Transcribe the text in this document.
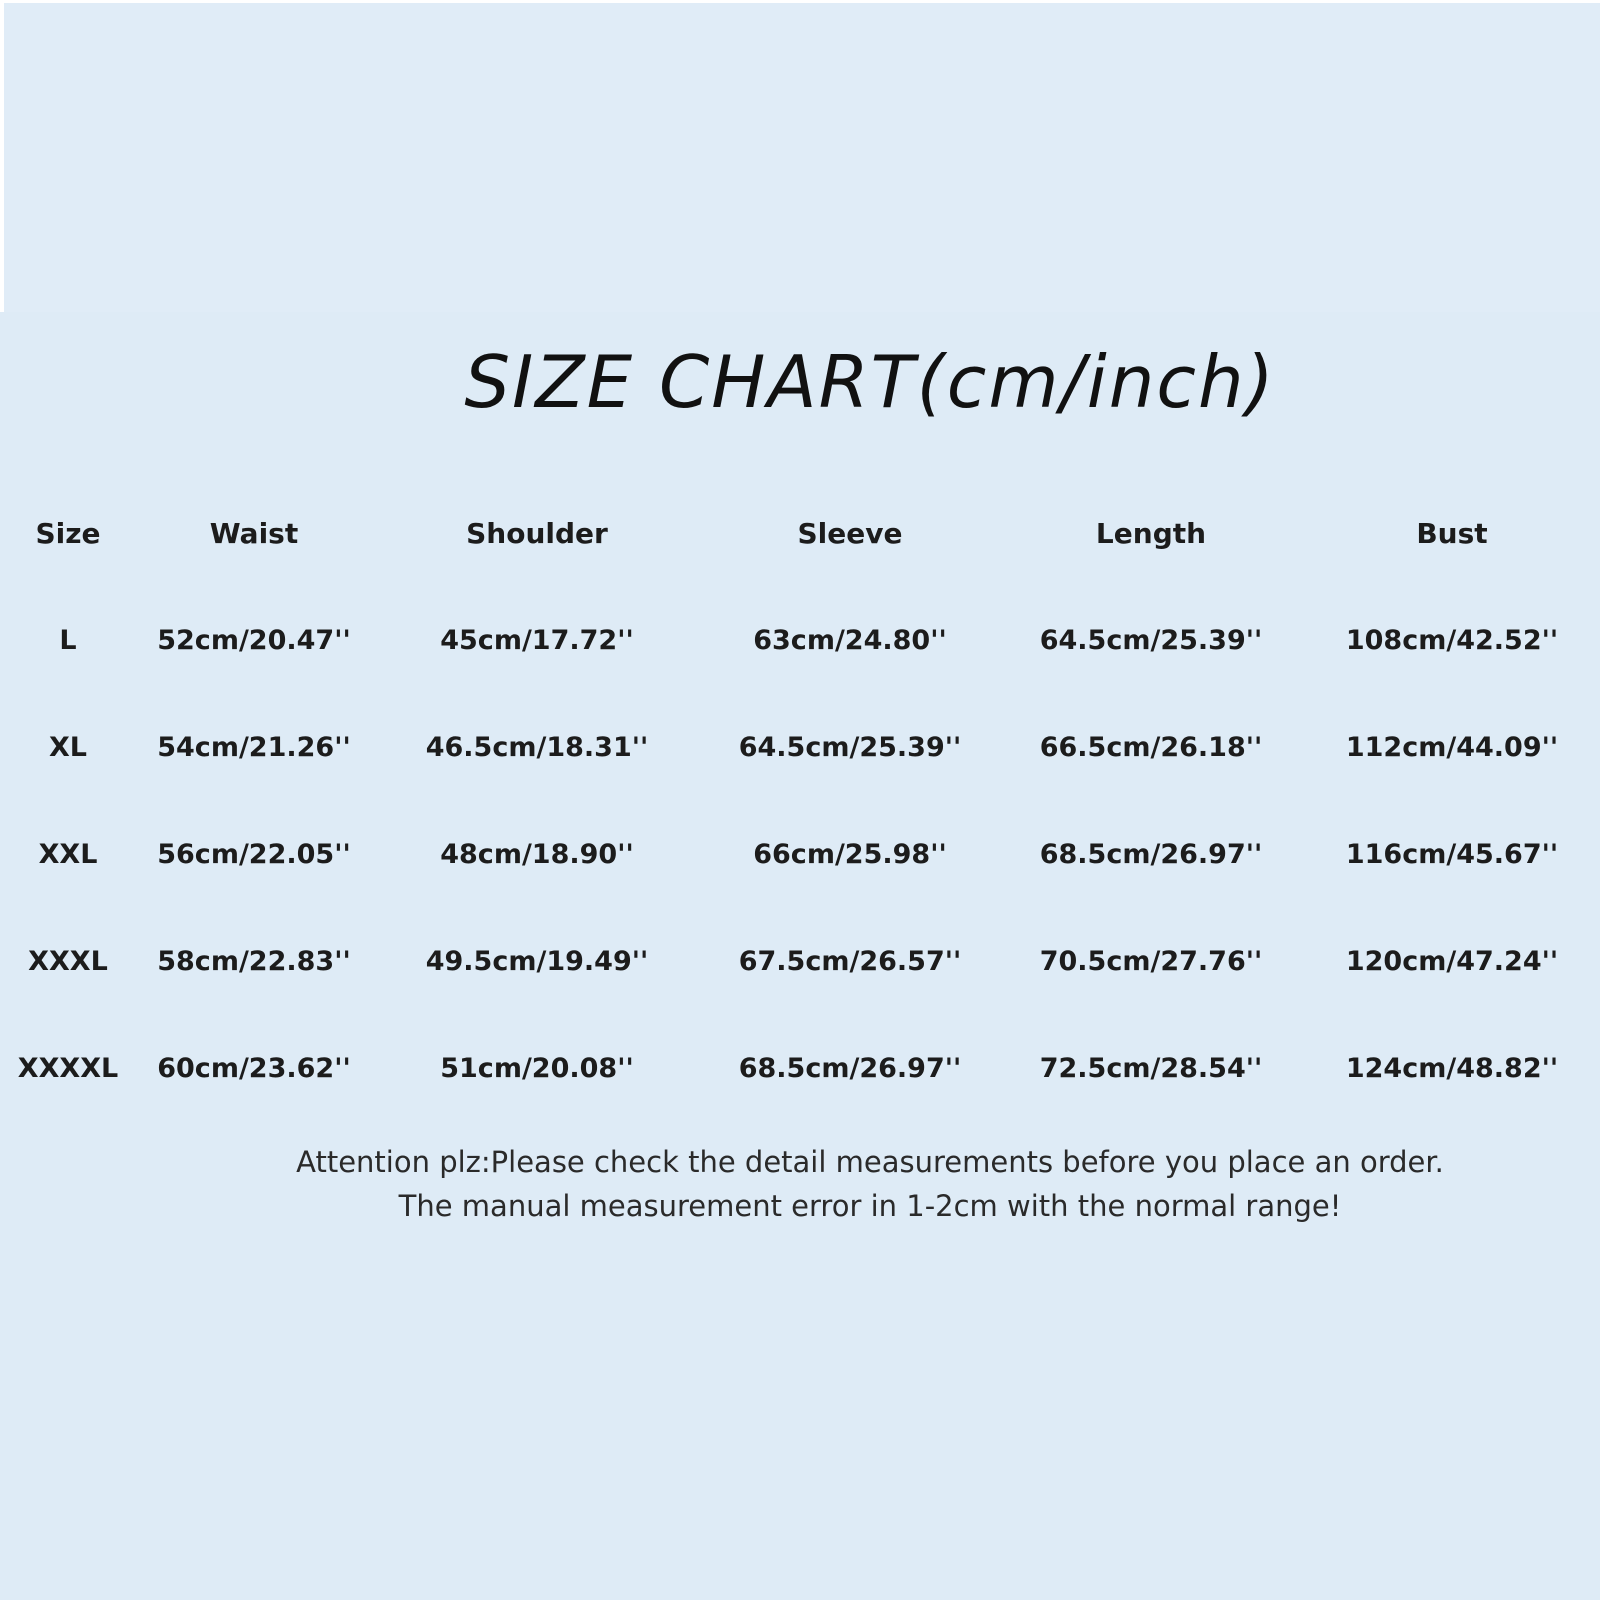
SIZE CHART(cm/inch)
Size	Waist	Shoulder	Sleeve	Length	Bust
L	52cm/20.47''	45cm/17.72''	63cm/24.80''	64.5cm/25.39''	108cm/42.52''
XL	54cm/21.26''	46.5cm/18.31''	64.5cm/25.39''	66.5cm/26.18''	112cm/44.09''
XXL	56cm/22.05''	48cm/18.90''	66cm/25.98''	68.5cm/26.97''	116cm/45.67''
XXXL	58cm/22.83''	49.5cm/19.49''	67.5cm/26.57''	70.5cm/27.76''	120cm/47.24''
XXXXL	60cm/23.62''	51cm/20.08''	68.5cm/26.97''	72.5cm/28.54''	124cm/48.82''
Attention plz:Please check the detail measurements before you place an order.
The manual measurement error in 1-2cm with the normal range!
